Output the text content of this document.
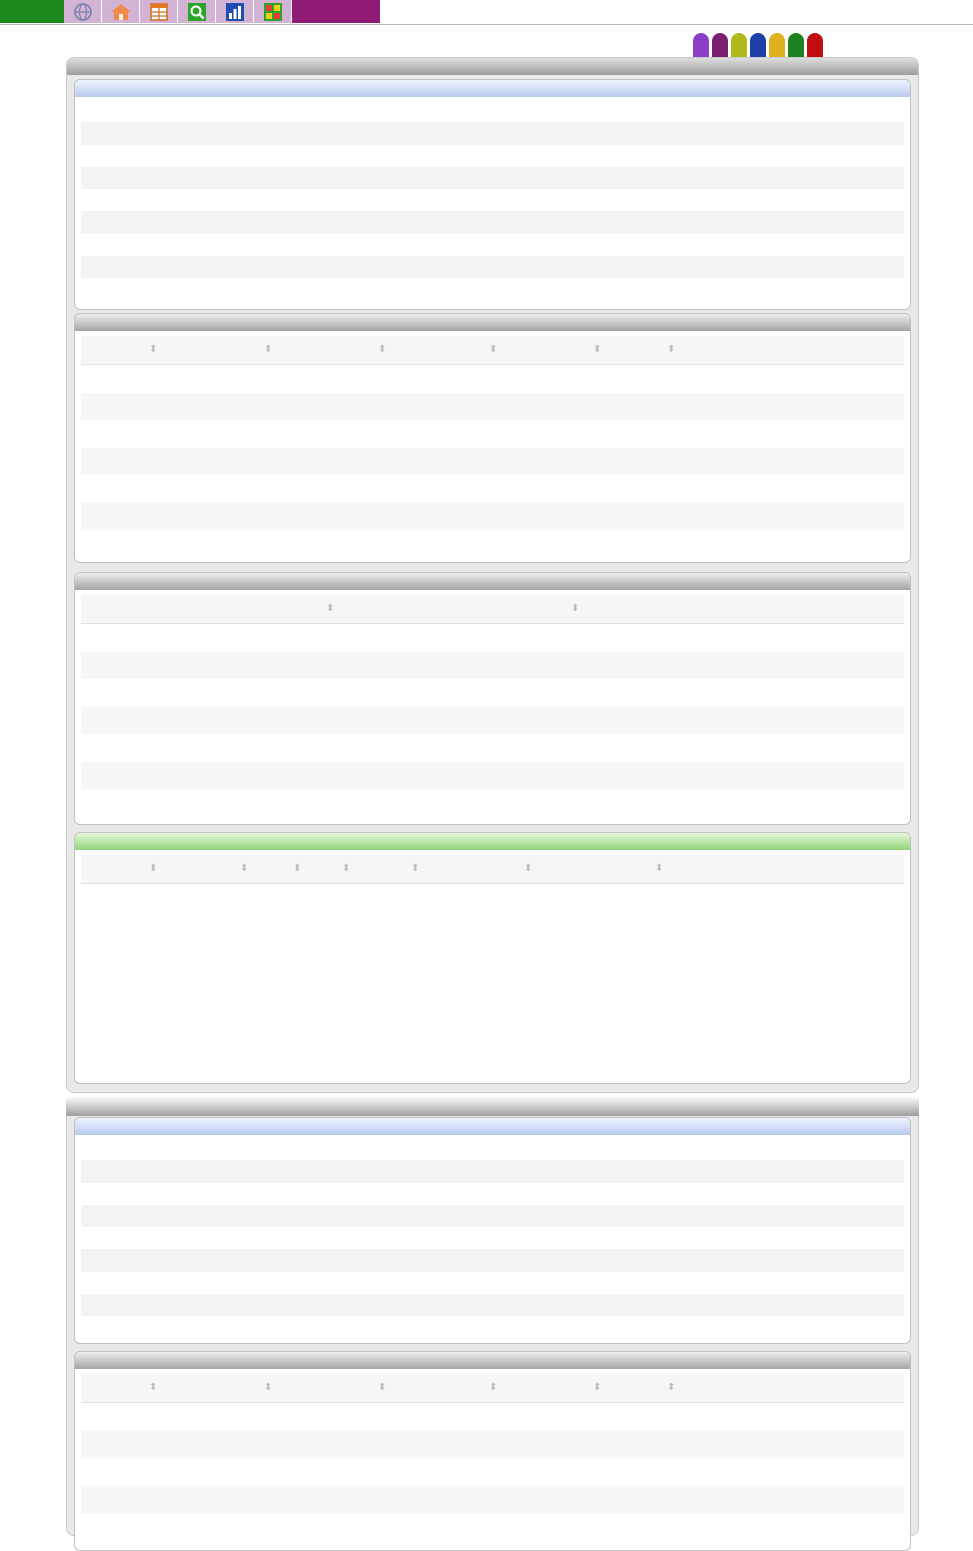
⬍
⬍
⬍
⬍
⬍
⬍
⬍
⬍
⬍
⬍
⬍
⬍
⬍
⬍
⬍
⬍
⬍
⬍
⬍
⬍
⬍
